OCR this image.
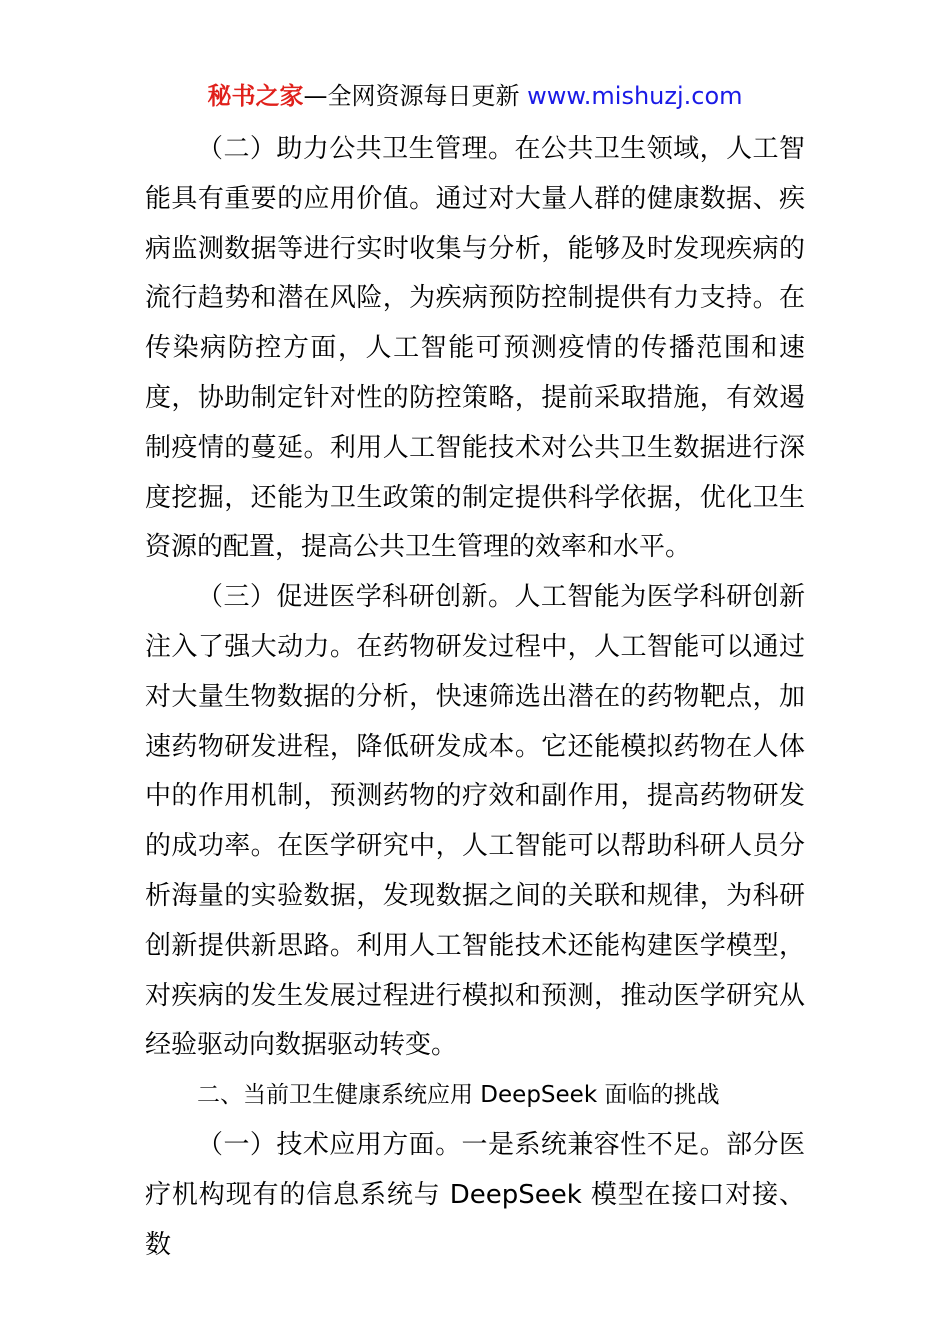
秘书之家—全网资源每日更新 www.mishuzj.com

（二）助力公共卫生管理。在公共卫生领域，人工智能具有重要的应用价值。通过对大量人群的健康数据、疾病监测数据等进行实时收集与分析，能够及时发现疾病的流行趋势和潜在风险，为疾病预防控制提供有力支持。在传染病防控方面，人工智能可预测疫情的传播范围和速度，协助制定针对性的防控策略，提前采取措施，有效遏制疫情的蔓延。利用人工智能技术对公共卫生数据进行深度挖掘，还能为卫生政策的制定提供科学依据，优化卫生资源的配置，提高公共卫生管理的效率和水平。

（三）促进医学科研创新。人工智能为医学科研创新注入了强大动力。在药物研发过程中，人工智能可以通过对大量生物数据的分析，快速筛选出潜在的药物靶点，加速药物研发进程，降低研发成本。它还能模拟药物在人体中的作用机制，预测药物的疗效和副作用，提高药物研发的成功率。在医学研究中，人工智能可以帮助科研人员分析海量的实验数据，发现数据之间的关联和规律，为科研创新提供新思路。利用人工智能技术还能构建医学模型，对疾病的发生发展过程进行模拟和预测，推动医学研究从经验驱动向数据驱动转变。

二、当前卫生健康系统应用 DeepSeek 面临的挑战

（一）技术应用方面。一是系统兼容性不足。部分医疗机构现有的信息系统与 DeepSeek 模型在接口对接、数
